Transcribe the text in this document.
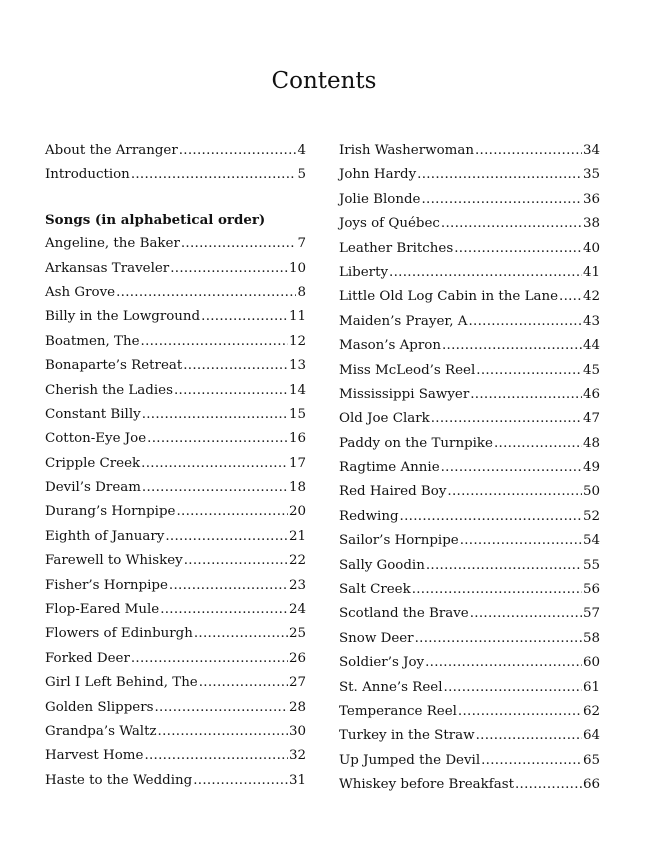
Contents
About the Arranger .....	4
Introduction .....	5
Songs (in alphabetical order)
Angeline, the Baker .....	7
Arkansas Traveler .....	10
Ash Grove .....	8
Billy in the Lowground .....	11
Boatmen, The .....	12
Bonaparte’s Retreat .....	13
Cherish the Ladies .....	14
Constant Billy .....	15
Cotton-Eye Joe .....	16
Cripple Creek .....	17
Devil’s Dream .....	18
Durang’s Hornpipe .....	20
Eighth of January .....	21
Farewell to Whiskey .....	22
Fisher’s Hornpipe .....	23
Flop-Eared Mule .....	24
Flowers of Edinburgh .....	25
Forked Deer .....	26
Girl I Left Behind, The .....	27
Golden Slippers .....	28
Grandpa’s Waltz .....	30
Harvest Home .....	32
Haste to the Wedding .....	31
Irish Washerwoman .....	34
John Hardy .....	35
Jolie Blonde .....	36
Joys of Québec .....	38
Leather Britches .....	40
Liberty .....	41
Little Old Log Cabin in the Lane ..... 42
Maiden’s Prayer, A .....	43
Mason’s Apron .....	44
Miss McLeod’s Reel .....	45
Mississippi Sawyer .....	46
Old Joe Clark .....	47
Paddy on the Turnpike .....	48
Ragtime Annie .....	49
Red Haired Boy .....	50
Redwing .....	52
Sailor’s Hornpipe .....	54
Sally Goodin .....	55
Salt Creek .....	56
Scotland the Brave .....	57
Snow Deer .....	58
Soldier’s Joy .....	60
St. Anne’s Reel .....	61
Temperance Reel .....	62
Turkey in the Straw .....	64
Up Jumped the Devil .....	65
Whiskey before Breakfast .....	66
